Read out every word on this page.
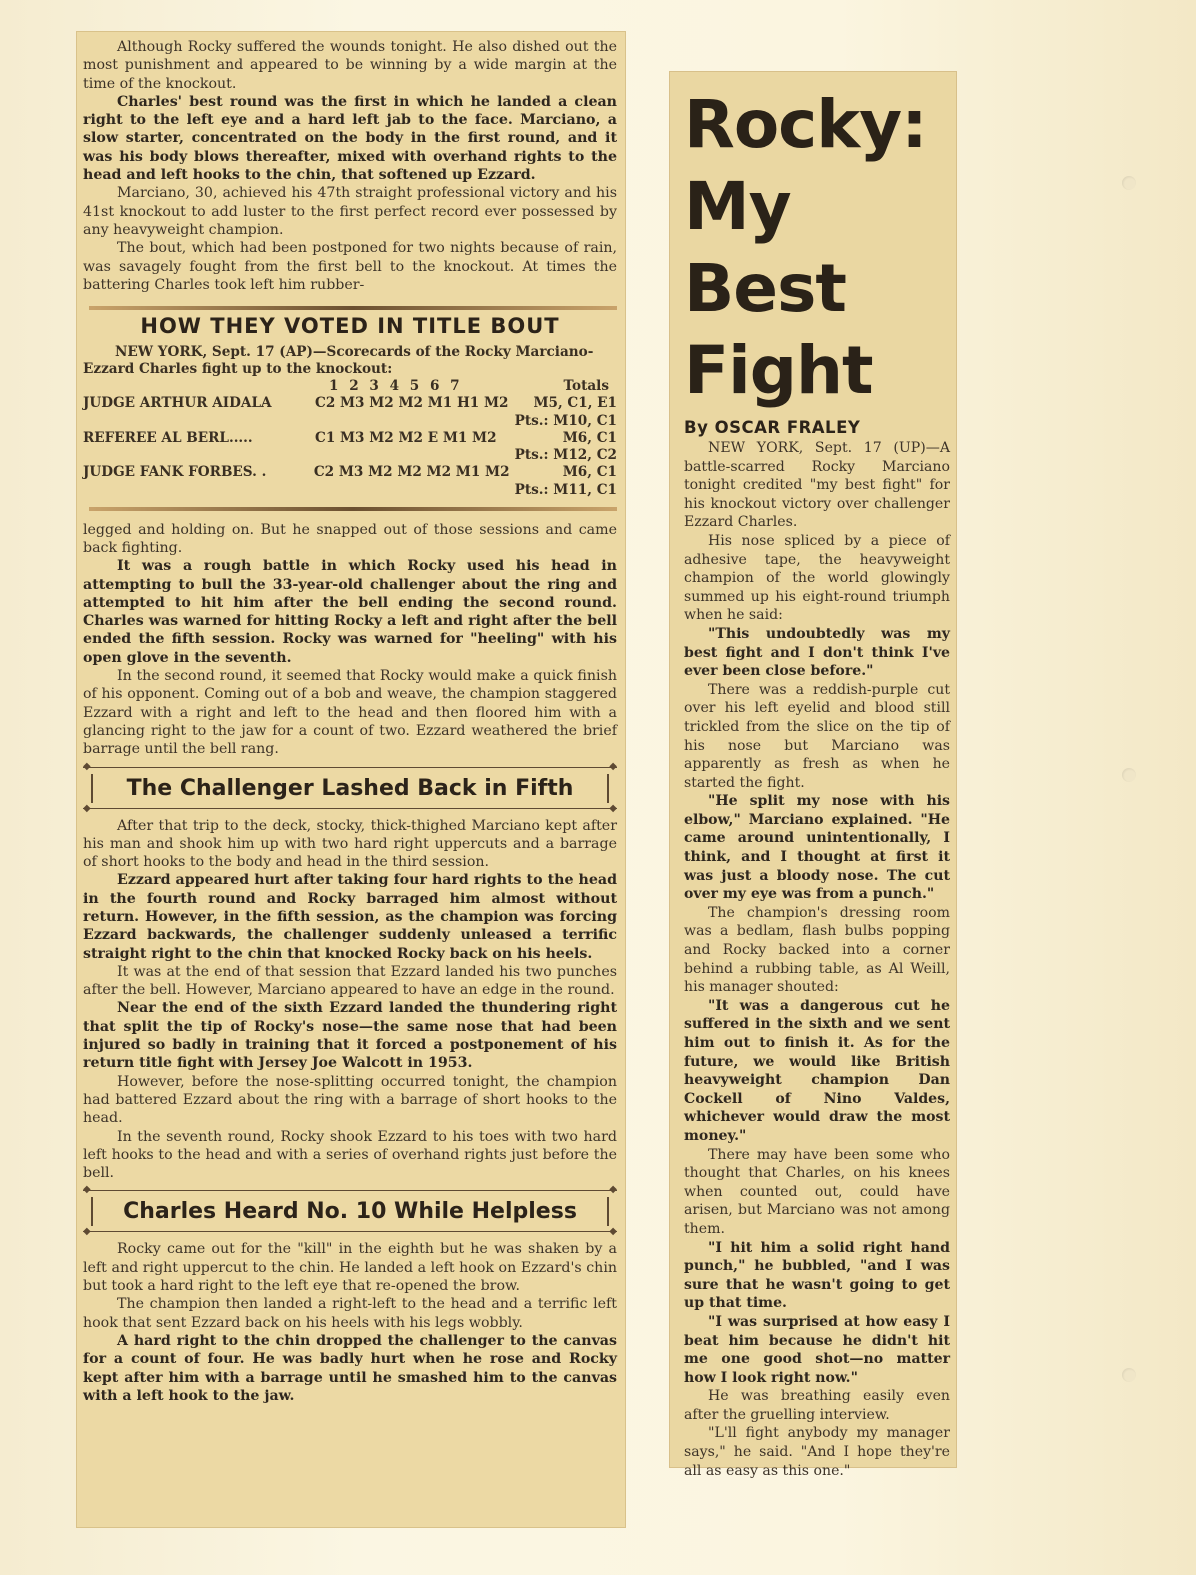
Although Rocky suffered the wounds tonight. He also dished out the most punishment and appeared to be winning by a wide margin at the time of the knockout.

Charles' best round was the first in which he landed a clean right to the left eye and a hard left jab to the face. Marciano, a slow starter, concentrated on the body in the first round, and it was his body blows thereafter, mixed with overhand rights to the head and left hooks to the chin, that softened up Ezzard.

Marciano, 30, achieved his 47th straight professional victory and his 41st knockout to add luster to the first perfect record ever possessed by any heavyweight champion.

The bout, which had been postponed for two nights because of rain, was savagely fought from the first bell to the knockout. At times the battering Charles took left him rubber-

HOW THEY VOTED IN TITLE BOUT

NEW YORK, Sept. 17 (AP)—Scorecards of the Rocky Marciano-Ezzard Charles fight up to the knockout:

1 2 3 4 5 6 7	Totals
JUDGE ARTHUR AIDALA	C2 M3 M2 M2 M1 H1 M2	M5, C1, E1
Pts.: M10, C1
REFEREE AL BERL.....	C1 M3 M2 M2 E M1 M2	M6, C1
Pts.: M12, C2
JUDGE FANK FORBES. .	C2 M3 M2 M2 M2 M1 M2	M6, C1
Pts.: M11, C1

legged and holding on. But he snapped out of those sessions and came back fighting.

It was a rough battle in which Rocky used his head in attempting to bull the 33-year-old challenger about the ring and attempted to hit him after the bell ending the second round. Charles was warned for hitting Rocky a left and right after the bell ended the fifth session. Rocky was warned for "heeling" with his open glove in the seventh.

In the second round, it seemed that Rocky would make a quick finish of his opponent. Coming out of a bob and weave, the champion staggered Ezzard with a right and left to the head and then floored him with a glancing right to the jaw for a count of two. Ezzard weathered the brief barrage until the bell rang.

◆	◆
The Challenger Lashed Back in Fifth
◆	◆

After that trip to the deck, stocky, thick-thighed Marciano kept after his man and shook him up with two hard right uppercuts and a barrage of short hooks to the body and head in the third session.

Ezzard appeared hurt after taking four hard rights to the head in the fourth round and Rocky barraged him almost without return. However, in the fifth session, as the champion was forcing Ezzard backwards, the challenger suddenly unleased a terrific straight right to the chin that knocked Rocky back on his heels.

It was at the end of that session that Ezzard landed his two punches after the bell. However, Marciano appeared to have an edge in the round.

Near the end of the sixth Ezzard landed the thundering right that split the tip of Rocky's nose—the same nose that had been injured so badly in training that it forced a postponement of his return title fight with Jersey Joe Walcott in 1953.

However, before the nose-splitting occurred tonight, the champion had battered Ezzard about the ring with a barrage of short hooks to the head.

In the seventh round, Rocky shook Ezzard to his toes with two hard left hooks to the head and with a series of overhand rights just before the bell.

◆	◆
Charles Heard No. 10 While Helpless
◆	◆

Rocky came out for the "kill" in the eighth but he was shaken by a left and right uppercut to the chin. He landed a left hook on Ezzard's chin but took a hard right to the left eye that re-opened the brow.

The champion then landed a right-left to the head and a terrific left hook that sent Ezzard back on his heels with his legs wobbly.

A hard right to the chin dropped the challenger to the canvas for a count of four. He was badly hurt when he rose and Rocky kept after him with a barrage until he smashed him to the canvas with a left hook to the jaw.

Rocky:
My Best
Fight
By OSCAR FRALEY

NEW YORK, Sept. 17 (UP)—A battle-scarred Rocky Marciano tonight credited "my best fight" for his knockout victory over challenger Ezzard Charles.

His nose spliced by a piece of adhesive tape, the heavyweight champion of the world glowingly summed up his eight-round triumph when he said:

"This undoubtedly was my best fight and I don't think I've ever been close before."

There was a reddish-purple cut over his left eyelid and blood still trickled from the slice on the tip of his nose but Marciano was apparently as fresh as when he started the fight.

"He split my nose with his elbow," Marciano explained. "He came around unintentionally, I think, and I thought at first it was just a bloody nose. The cut over my eye was from a punch."

The champion's dressing room was a bedlam, flash bulbs popping and Rocky backed into a corner behind a rubbing table, as Al Weill, his manager shouted:

"It was a dangerous cut he suffered in the sixth and we sent him out to finish it. As for the future, we would like British heavyweight champion Dan Cockell of Nino Valdes, whichever would draw the most money."

There may have been some who thought that Charles, on his knees when counted out, could have arisen, but Marciano was not among them.

"I hit him a solid right hand punch," he bubbled, "and I was sure that he wasn't going to get up that time.

"I was surprised at how easy I beat him because he didn't hit me one good shot—no matter how I look right now."

He was breathing easily even after the gruelling interview.

"L'll fight anybody my manager says," he said. "And I hope they're all as easy as this one."
